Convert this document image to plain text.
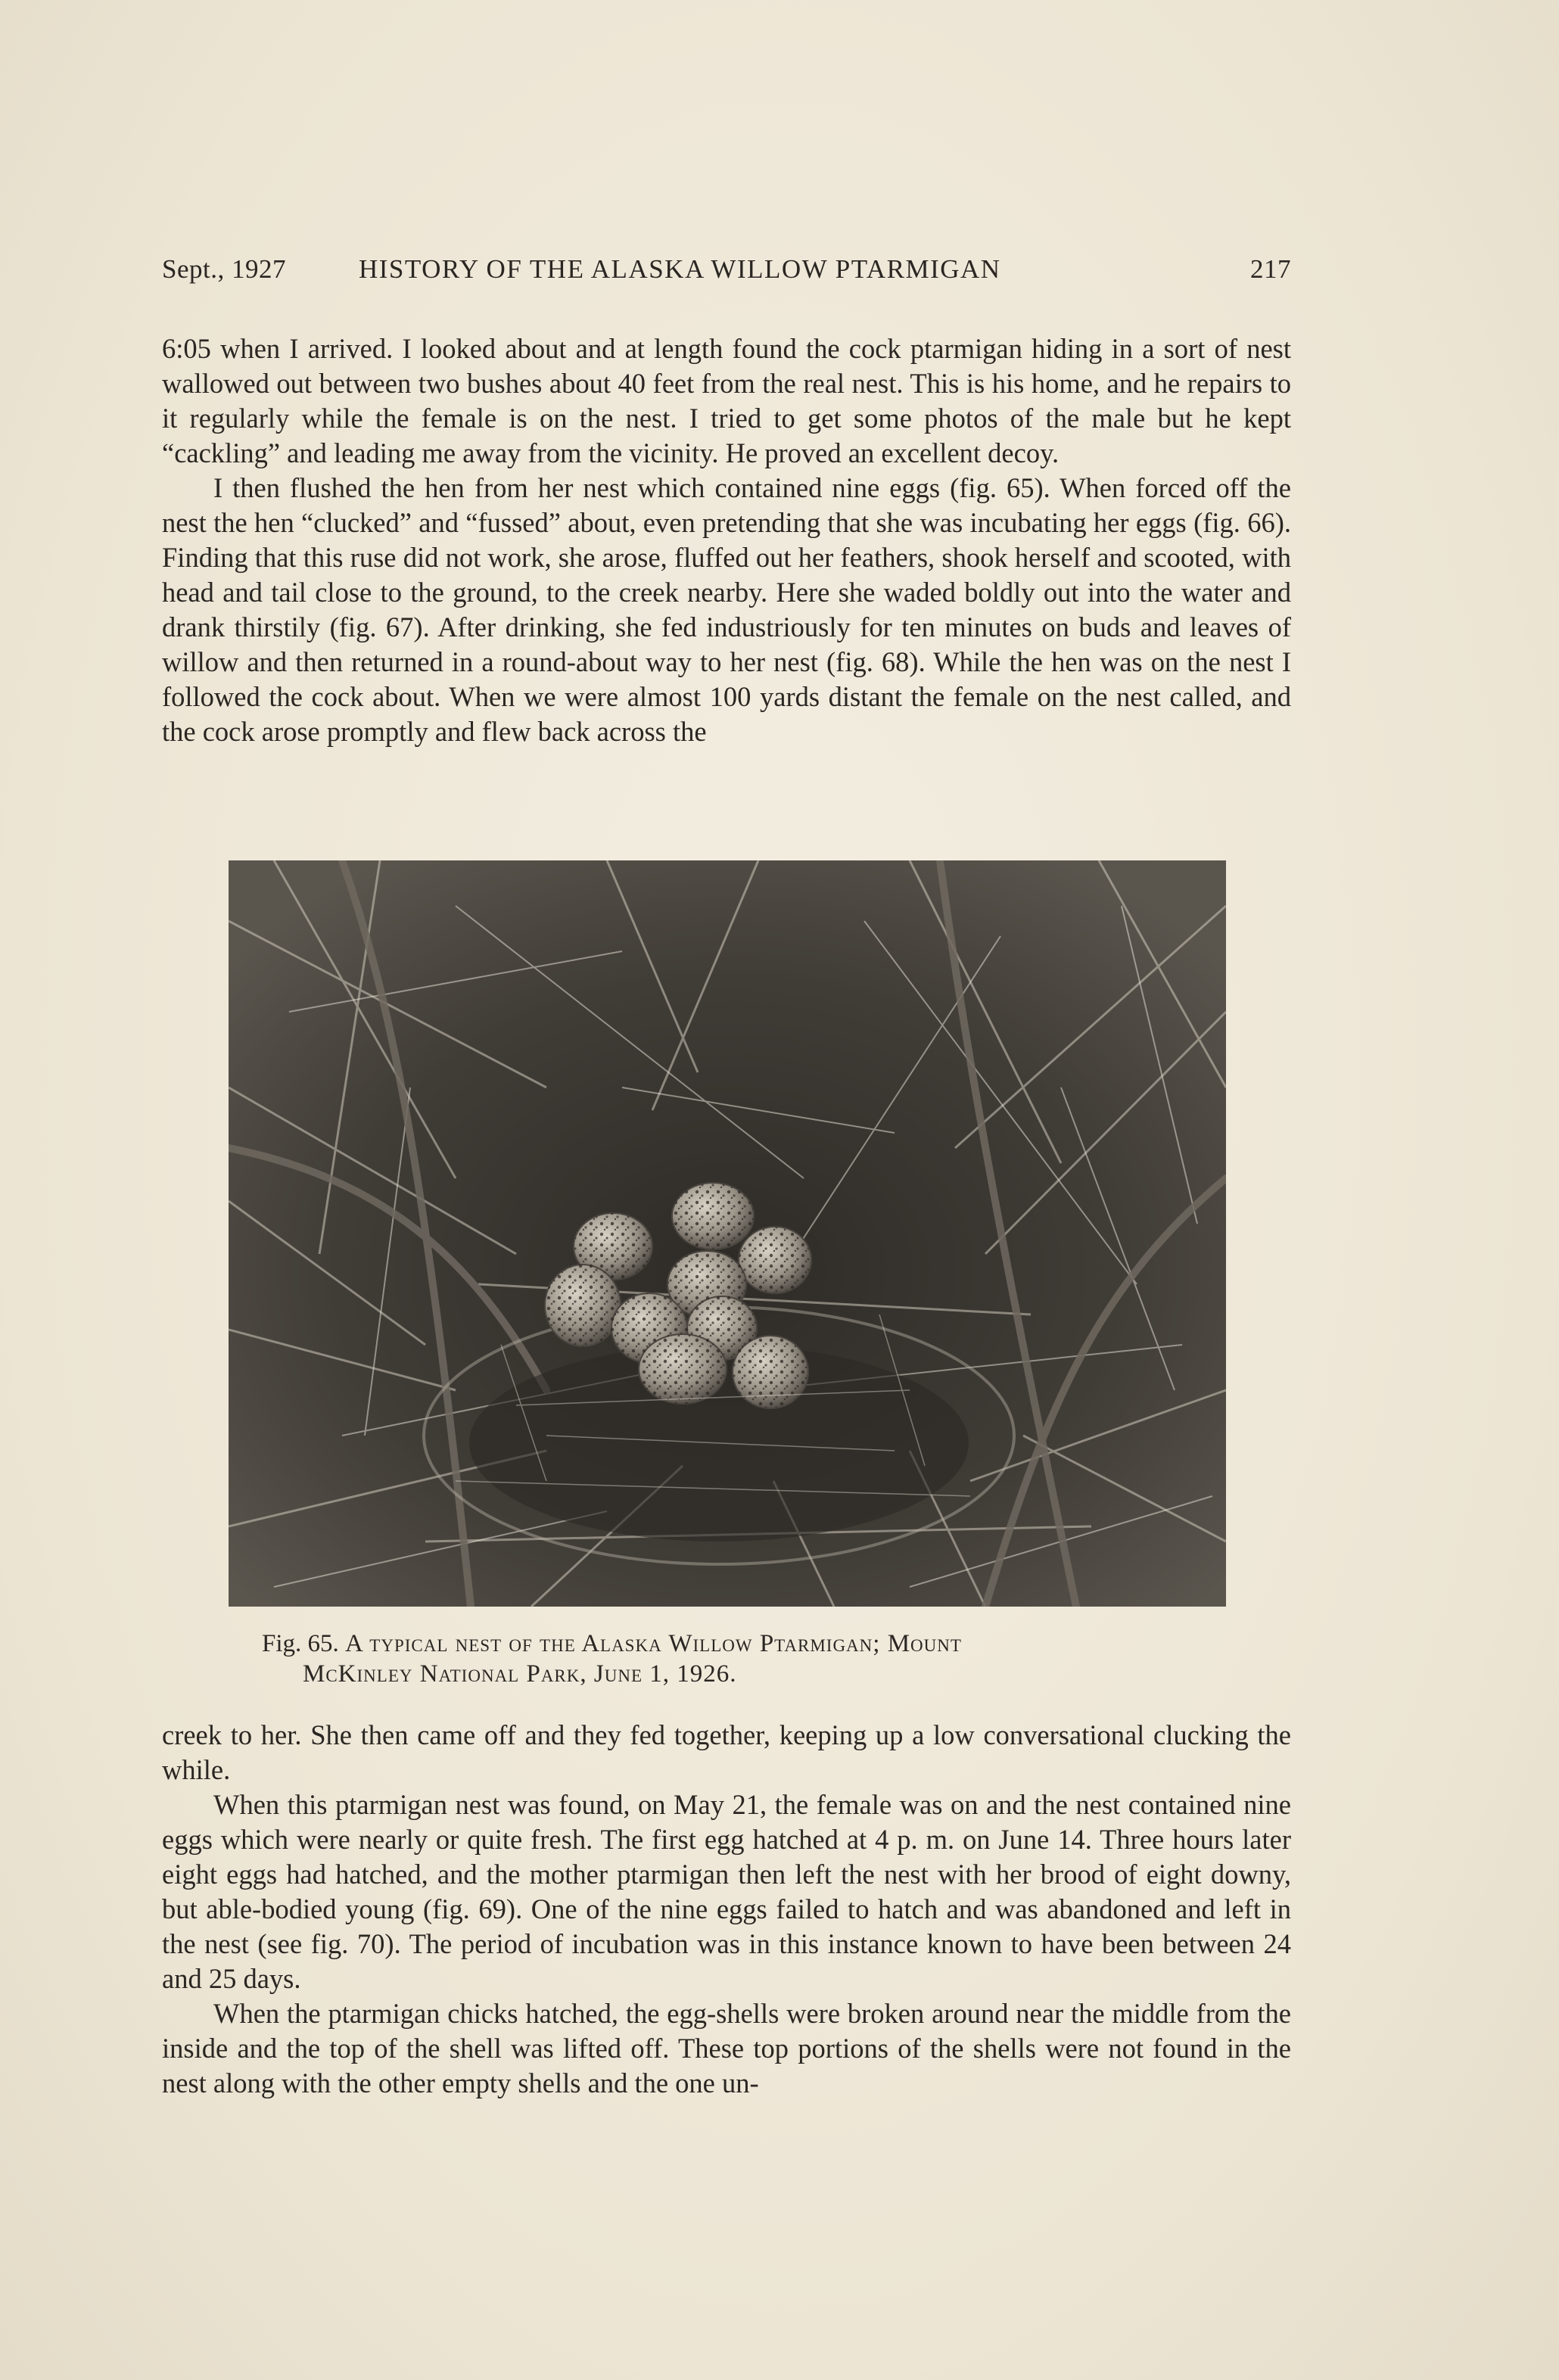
Sept., 1927	HISTORY OF THE ALASKA WILLOW PTARMIGAN	217

6:05 when I arrived. I looked about and at length found the cock ptarmigan hiding in a sort of nest wallowed out between two bushes about 40 feet from the real nest. This is his home, and he repairs to it regularly while the female is on the nest. I tried to get some photos of the male but he kept “cackling” and leading me away from the vicinity. He proved an excellent decoy.

I then flushed the hen from her nest which contained nine eggs (fig. 65). When forced off the nest the hen “clucked” and “fussed” about, even pretending that she was incubating her eggs (fig. 66). Finding that this ruse did not work, she arose, fluffed out her feathers, shook herself and scooted, with head and tail close to the ground, to the creek nearby. Here she waded boldly out into the water and drank thirstily (fig. 67). After drinking, she fed industriously for ten minutes on buds and leaves of willow and then returned in a round-about way to her nest (fig. 68). While the hen was on the nest I followed the cock about. When we were almost 100 yards distant the female on the nest called, and the cock arose promptly and flew back across the

Fig. 65. A typical nest of the Alaska Willow Ptarmigan; Mount
McKinley National Park, June 1, 1926.

creek to her. She then came off and they fed together, keeping up a low conversational clucking the while.

When this ptarmigan nest was found, on May 21, the female was on and the nest contained nine eggs which were nearly or quite fresh. The first egg hatched at 4 p. m. on June 14. Three hours later eight eggs had hatched, and the mother ptarmigan then left the nest with her brood of eight downy, but able-bodied young (fig. 69). One of the nine eggs failed to hatch and was abandoned and left in the nest (see fig. 70). The period of incubation was in this instance known to have been between 24 and 25 days.

When the ptarmigan chicks hatched, the egg-shells were broken around near the middle from the inside and the top of the shell was lifted off. These top portions of the shells were not found in the nest along with the other empty shells and the one un-
